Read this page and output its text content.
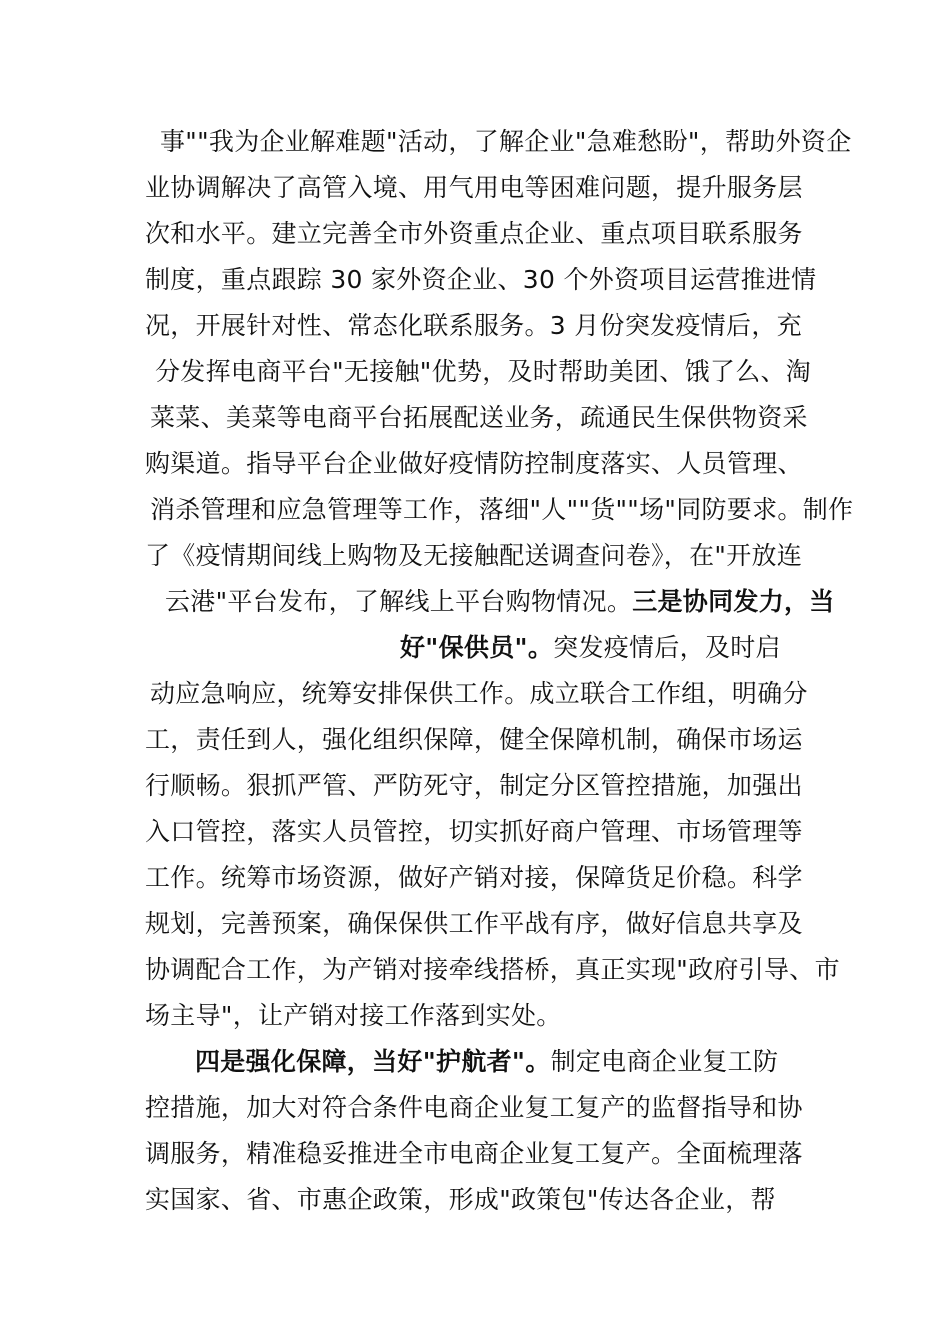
事""我为企业解难题"活动，了解企业"急难愁盼"，帮助外资企
业协调解决了高管入境、用气用电等困难问题，提升服务层
次和水平。建立完善全市外资重点企业、重点项目联系服务
制度，重点跟踪 30 家外资企业、30 个外资项目运营推进情
况，开展针对性、常态化联系服务。3 月份突发疫情后，充
分发挥电商平台"无接触"优势，及时帮助美团、饿了么、淘
菜菜、美菜等电商平台拓展配送业务，疏通民生保供物资采
购渠道。指导平台企业做好疫情防控制度落实、人员管理、
消杀管理和应急管理等工作，落细"人""货""场"同防要求。制作
了《疫情期间线上购物及无接触配送调查问卷》，在"开放连
云港"平台发布，了解线上平台购物情况。三是协同发力，当
好"保供员"。突发疫情后，及时启
动应急响应，统筹安排保供工作。成立联合工作组，明确分
工，责任到人，强化组织保障，健全保障机制，确保市场运
行顺畅。狠抓严管、严防死守，制定分区管控措施，加强出
入口管控，落实人员管控，切实抓好商户管理、市场管理等
工作。统筹市场资源，做好产销对接，保障货足价稳。科学
规划，完善预案，确保保供工作平战有序，做好信息共享及
协调配合工作，为产销对接牵线搭桥，真正实现"政府引导、市
场主导"，让产销对接工作落到实处。
四是强化保障，当好"护航者"。制定电商企业复工防
控措施，加大对符合条件电商企业复工复产的监督指导和协
调服务，精准稳妥推进全市电商企业复工复产。全面梳理落
实国家、省、市惠企政策，形成"政策包"传达各企业，帮
